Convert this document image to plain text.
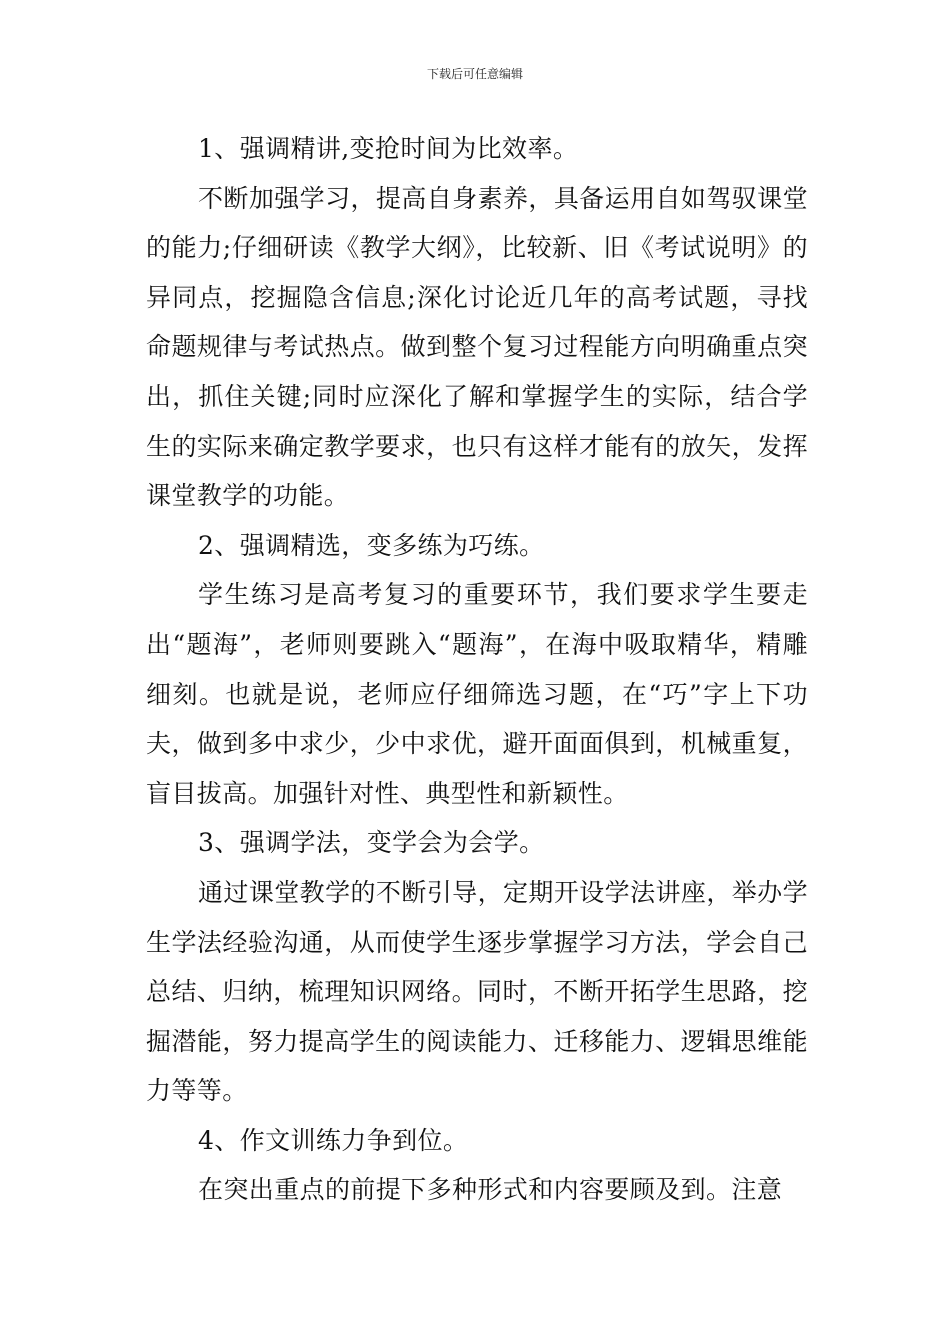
下载后可任意编辑

1、强调精讲,变抢时间为比效率。

不断加强学习，提高自身素养，具备运用自如驾驭课堂的能力;仔细研读《教学大纲》，比较新、旧《考试说明》的异同点，挖掘隐含信息;深化讨论近几年的高考试题，寻找命题规律与考试热点。做到整个复习过程能方向明确重点突出，抓住关键;同时应深化了解和掌握学生的实际，结合学生的实际来确定教学要求，也只有这样才能有的放矢，发挥课堂教学的功能。

2、强调精选，变多练为巧练。

学生练习是高考复习的重要环节，我们要求学生要走出“题海”，老师则要跳入“题海”，在海中吸取精华，精雕细刻。也就是说，老师应仔细筛选习题，在“巧”字上下功夫，做到多中求少，少中求优，避开面面俱到，机械重复，盲目拔高。加强针对性、典型性和新颖性。

3、强调学法，变学会为会学。

通过课堂教学的不断引导，定期开设学法讲座，举办学生学法经验沟通，从而使学生逐步掌握学习方法，学会自己总结、归纳，梳理知识网络。同时，不断开拓学生思路，挖掘潜能，努力提高学生的阅读能力、迁移能力、逻辑思维能力等等。

4、作文训练力争到位。

在突出重点的前提下多种形式和内容要顾及到。注意
